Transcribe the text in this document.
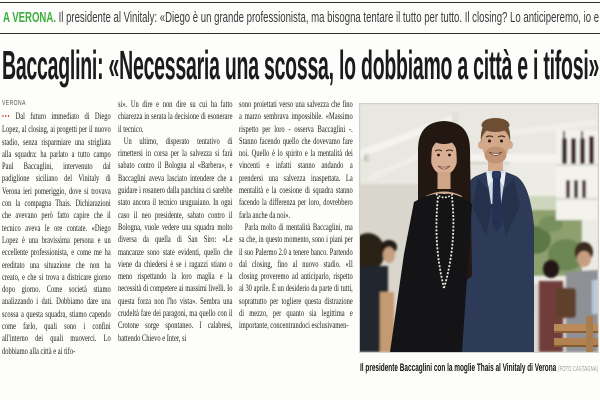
A VERONA. Il presidente al Vinitaly: «Diego è un grande professionista, ma bisogna tentare il tutto per tutto. Il closing? Lo anticiperemo, io e
Baccaglini: «Necessaria una scossa, lo dobbiamo a città e i tifosi»
VERONA

••• Dal futuro immediato di Diego Lopez, al closing, ai progetti per il nuovo stadio, senza risparmiare una strigliata alla squadra: ha parlato a tutto campo Paul Baccaglini, intervenuto dal padiglione siciliano del Vinitaly di Verona ieri pomeriggio, dove si trovava con la compagna Thais. Dichiarazioni che avevano però fatto capire che il tecnico aveva le ore contate. «Diego Lopez è una bravissima persona e un eccellente professionista, e come me ha ereditato una situazione che non ha creato, e che si trova a districare giorno dopo giorno. Come società stiamo analizzando i dati. Dobbiamo dare una scossa a questa squadra, stiamo capendo come farlo, quali sono i confini all'interno dei quali muoverci. Lo dobbiamo alla città e ai tifo-

si». Un dire e non dire su cui ha fatto chiarezza in serata la decisione di esonerare il tecnico.

Un ultimo, disperato tentativo di rimettersi in corsa per la salvezza si farà sabato contro il Bologna al «Barbera», e Baccaglini aveva lasciato intendere che a guidare i rosanero dalla panchina ci sarebbe stato ancora il tecnico uruguaiano. In ogni caso il neo presidente, sabato contro il Bologna, vuole vedere una squadra molto diversa da quella di San Siro: «Le mancanze sono state evidenti, quello che viene da chiedersi è se i ragazzi stiano o meno rispettando la loro maglia e la necessità di competere ai massimi livelli. Io questa forza non l'ho vista». Sembra una crudeltà fare dei paragoni, ma quello con il Crotone sorge spontaneo. I calabresi, battendo Chievo e Inter, si

sono proiettati verso una salvezza che fino a marzo sembrava impossibile. «Massimo rispetto per loro - osserva Baccaglini -. Stanno facendo quello che dovevamo fare noi. Quello è lo spirito e la mentalità dei vincenti e infatti stanno andando a prendersi una salvezza inaspettata. La mentalità e la coesione di squadra stanno facendo la differenza per loro, dovrebbero farla anche da noi».

Parla molto di mentalità Baccaglini, ma sa che, in questo momento, sono i piani per il suo Palermo 2.0 a tenere banco. Partendo dal closing, fino al nuovo stadio. «Il closing proveremo ad anticiparlo, rispetto al 30 aprile. È un desiderio da parte di tutti, soprattutto per togliere questa distrazione di mezzo, per quanto sia legittima e importante, concentrandoci esclusivamen-

E
Il presidente Baccaglini con la moglie Thais al Vinitaly di Verona (FOTO CASTAGNA)
